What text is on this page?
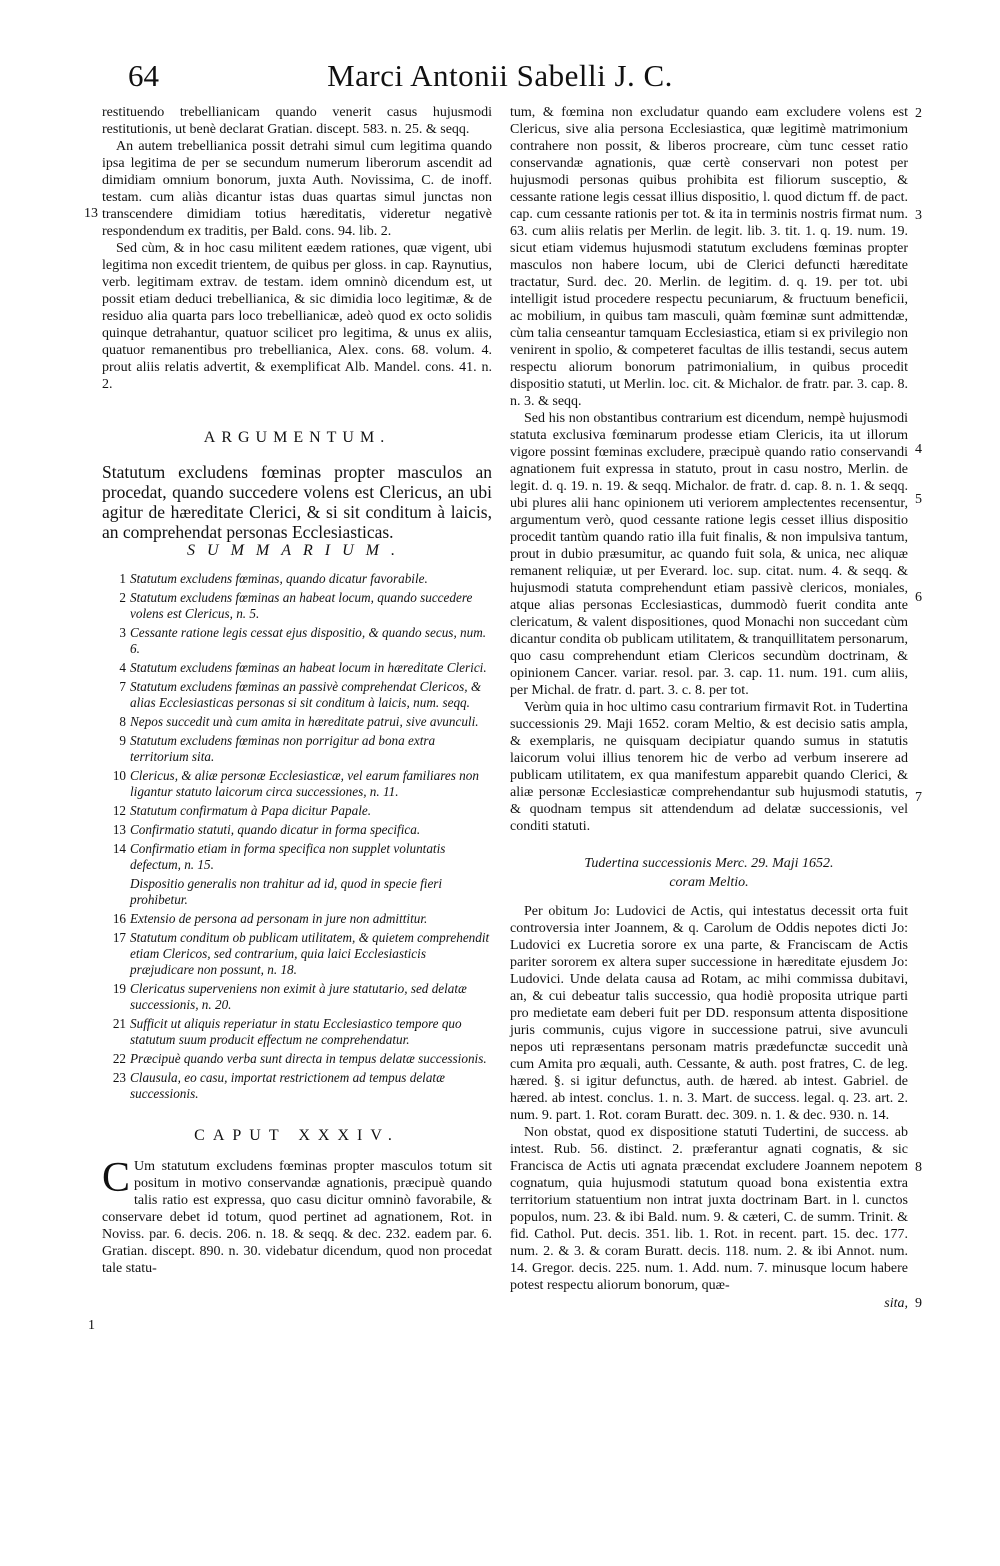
64	Marci Antonii Sabelli J. C.

restituendo trebellianicam quando venerit casus hujusmodi restitutionis, ut benè declarat Gratian. discept. 583. n. 25. & seqq.

An autem trebellianica possit detrahi simul cum legitima quando ipsa legitima de per se secundum numerum liberorum ascendit ad dimidiam omnium bonorum, juxta Auth. Novissima, C. de inoff. testam. cum aliàs dicantur istas duas quartas simul junctas non transcendere dimidiam totius hæreditatis, videretur negativè respondendum ex traditis, per Bald. cons. 94. lib. 2.

Sed cùm, & in hoc casu militent eædem rationes, quæ vigent, ubi legitima non excedit trientem, de quibus per gloss. in cap. Raynutius, verb. legitimam extrav. de testam. idem omninò dicendum est, ut possit etiam deduci trebellianica, & sic dimidia loco legitimæ, & de residuo alia quarta pars loco trebellianicæ, adeò quod ex octo solidis quinque detrahantur, quatuor scilicet pro legitima, & unus ex aliis, quatuor remanentibus pro trebellianica, Alex. cons. 68. volum. 4. prout aliis relatis advertit, & exemplificat Alb. Mandel. cons. 41. n. 2.

ARGUMENTUM.

Statutum excludens fœminas propter masculos an procedat, quando succedere volens est Clericus, an ubi agitur de hæreditate Clerici, & si sit conditum à laicis, an comprehendat personas Ecclesiasticas.

SUMMARIUM.
1 Statutum excludens fœminas, quando dicatur favorabile.
2 Statutum excludens fœminas an habeat locum, quando succedere volens est Clericus, n. 5.
3 Cessante ratione legis cessat ejus dispositio, & quando secus, num. 6.
4 Statutum excludens fœminas an habeat locum in hæreditate Clerici.
7 Statutum excludens fœminas an passivè comprehendat Clericos, & alias Ecclesiasticas personas si sit conditum à laicis, num. seqq.
8 Nepos succedit unà cum amita in hæreditate patrui, sive avunculi.
9 Statutum excludens fœminas non porrigitur ad bona extra territorium sita.
10 Clericus, & aliæ personæ Ecclesiasticæ, vel earum familiares non ligantur statuto laicorum circa successiones, n. 11.
12 Statutum confirmatum à Papa dicitur Papale.
13 Confirmatio statuti, quando dicatur in forma specifica.
14 Confirmatio etiam in forma specifica non supplet voluntatis defectum, n. 15.
Dispositio generalis non trahitur ad id, quod in specie fieri prohibetur.
16 Extensio de persona ad personam in jure non admittitur.
17 Statutum conditum ob publicam utilitatem, & quietem comprehendit etiam Clericos, sed contrarium, quia laici Ecclesiasticis præjudicare non possunt, n. 18.
19 Clericatus superveniens non eximit à jure statutario, sed delatæ successionis, n. 20.
21 Sufficit ut aliquis reperiatur in statu Ecclesiastico tempore quo statutum suum producit effectum ne comprehendatur.
22 Præcipuè quando verba sunt directa in tempus delatæ successionis.
23 Clausula, eo casu, importat restrictionem ad tempus delatæ successionis.
CAPUT XXXIV.

C Um statutum excludens fœminas propter masculos totum sit positum in motivo conservandæ agnationis, præcipuè quando talis ratio est expressa, quo casu dicitur omninò favorabile, & conservare debet id totum, quod pertinet ad agnationem, Rot. in Noviss. par. 6. decis. 206. n. 18. & seqq. & dec. 232. eadem par. 6. Gratian. discept. 890. n. 30. videbatur dicendum, quod non procedat tale statu-

tum, & fœmina non excludatur quando eam excludere volens est Clericus, sive alia persona Ecclesiastica, quæ legitimè matrimonium contrahere non possit, & liberos procreare, cùm tunc cesset ratio conservandæ agnationis, quæ certè conservari non potest per hujusmodi personas quibus prohibita est filiorum susceptio, & cessante ratione legis cessat illius dispositio, l. quod dictum ff. de pact. cap. cum cessante rationis per tot. & ita in terminis nostris firmat num. 63. cum aliis relatis per Merlin. de legit. lib. 3. tit. 1. q. 19. num. 19. sicut etiam videmus hujusmodi statutum excludens fœminas propter masculos non habere locum, ubi de Clerici defuncti hæreditate tractatur, Surd. dec. 20. Merlin. de legitim. d. q. 19. per tot. ubi intelligit istud procedere respectu pecuniarum, & fructuum beneficii, ac mobilium, in quibus tam masculi, quàm fœminæ sunt admittendæ, cùm talia censeantur tamquam Ecclesiastica, etiam si ex privilegio non venirent in spolio, & competeret facultas de illis testandi, secus autem respectu aliorum bonorum patrimonialium, in quibus procedit dispositio statuti, ut Merlin. loc. cit. & Michalor. de fratr. par. 3. cap. 8. n. 3. & seqq.

Sed his non obstantibus contrarium est dicendum, nempè hujusmodi statuta exclusiva fœminarum prodesse etiam Clericis, ita ut illorum vigore possint fœminas excludere, præcipuè quando ratio conservandi agnationem fuit expressa in statuto, prout in casu nostro, Merlin. de legit. d. q. 19. n. 19. & seqq. Michalor. de fratr. d. cap. 8. n. 1. & seqq. ubi plures alii hanc opinionem uti veriorem amplectentes recensentur, argumentum verò, quod cessante ratione legis cesset illius dispositio procedit tantùm quando ratio illa fuit finalis, & non impulsiva tantum, prout in dubio præsumitur, ac quando fuit sola, & unica, nec aliquæ remanent reliquiæ, ut per Everard. loc. sup. citat. num. 4. & seqq. & hujusmodi statuta comprehendunt etiam passivè clericos, moniales, atque alias personas Ecclesiasticas, dummodò fuerit condita ante clericatum, & valent dispositiones, quod Monachi non succedant cùm dicantur condita ob publicam utilitatem, & tranquillitatem personarum, quo casu comprehendunt etiam Clericos secundùm doctrinam, & opinionem Cancer. variar. resol. par. 3. cap. 11. num. 191. cum aliis, per Michal. de fratr. d. part. 3. c. 8. per tot.

Verùm quia in hoc ultimo casu contrarium firmavit Rot. in Tudertina successionis 29. Maji 1652. coram Meltio, & est decisio satis ampla, & exemplaris, ne quisquam decipiatur quando sumus in statutis laicorum volui illius tenorem hic de verbo ad verbum inserere ad publicam utilitatem, ex qua manifestum apparebit quando Clerici, & aliæ personæ Ecclesiasticæ comprehendantur sub hujusmodi statutis, & quodnam tempus sit attendendum ad delatæ successionis, vel conditi statuti.

Tudertina successionis Merc. 29. Maji 1652.
coram Meltio.

Per obitum Jo: Ludovici de Actis, qui intestatus decessit orta fuit controversia inter Joannem, & q. Carolum de Oddis nepotes dicti Jo: Ludovici ex Lucretia sorore ex una parte, & Franciscam de Actis pariter sororem ex altera super successione in hæreditate ejusdem Jo: Ludovici. Unde delata causa ad Rotam, ac mihi commissa dubitavi, an, & cui debeatur talis successio, qua hodiè proposita utrique parti pro medietate eam deberi fuit per DD. responsum attenta dispositione juris communis, cujus vigore in successione patrui, sive avunculi nepos uti repræsentans personam matris prædefunctæ succedit unà cum Amita pro æquali, auth. Cessante, & auth. post fratres, C. de leg. hæred. §. si igitur defunctus, auth. de hæred. ab intest. Gabriel. de hæred. ab intest. conclus. 1. n. 3. Mart. de success. legal. q. 23. art. 2. num. 9. part. 1. Rot. coram Buratt. dec. 309. n. 1. & dec. 930. n. 14.

Non obstat, quod ex dispositione statuti Tudertini, de success. ab intest. Rub. 56. distinct. 2. præferantur agnati cognatis, & sic Francisca de Actis uti agnata præcendat excludere Joannem nepotem cognatum, quia hujusmodi statutum quoad bona existentia extra territorium statuentium non intrat juxta doctrinam Bart. in l. cunctos populos, num. 23. & ibi Bald. num. 9. & cæteri, C. de summ. Trinit. & fid. Cathol. Put. decis. 351. lib. 1. Rot. in recent. part. 15. dec. 177. num. 2. & 3. & coram Buratt. decis. 118. num. 2. & ibi Annot. num. 14. Gregor. decis. 225. num. 1. Add. num. 7. minusque locum habere potest respectu aliorum bonorum, quæ-

sita,
13
1
2
3
4
5
6
7
8
9
